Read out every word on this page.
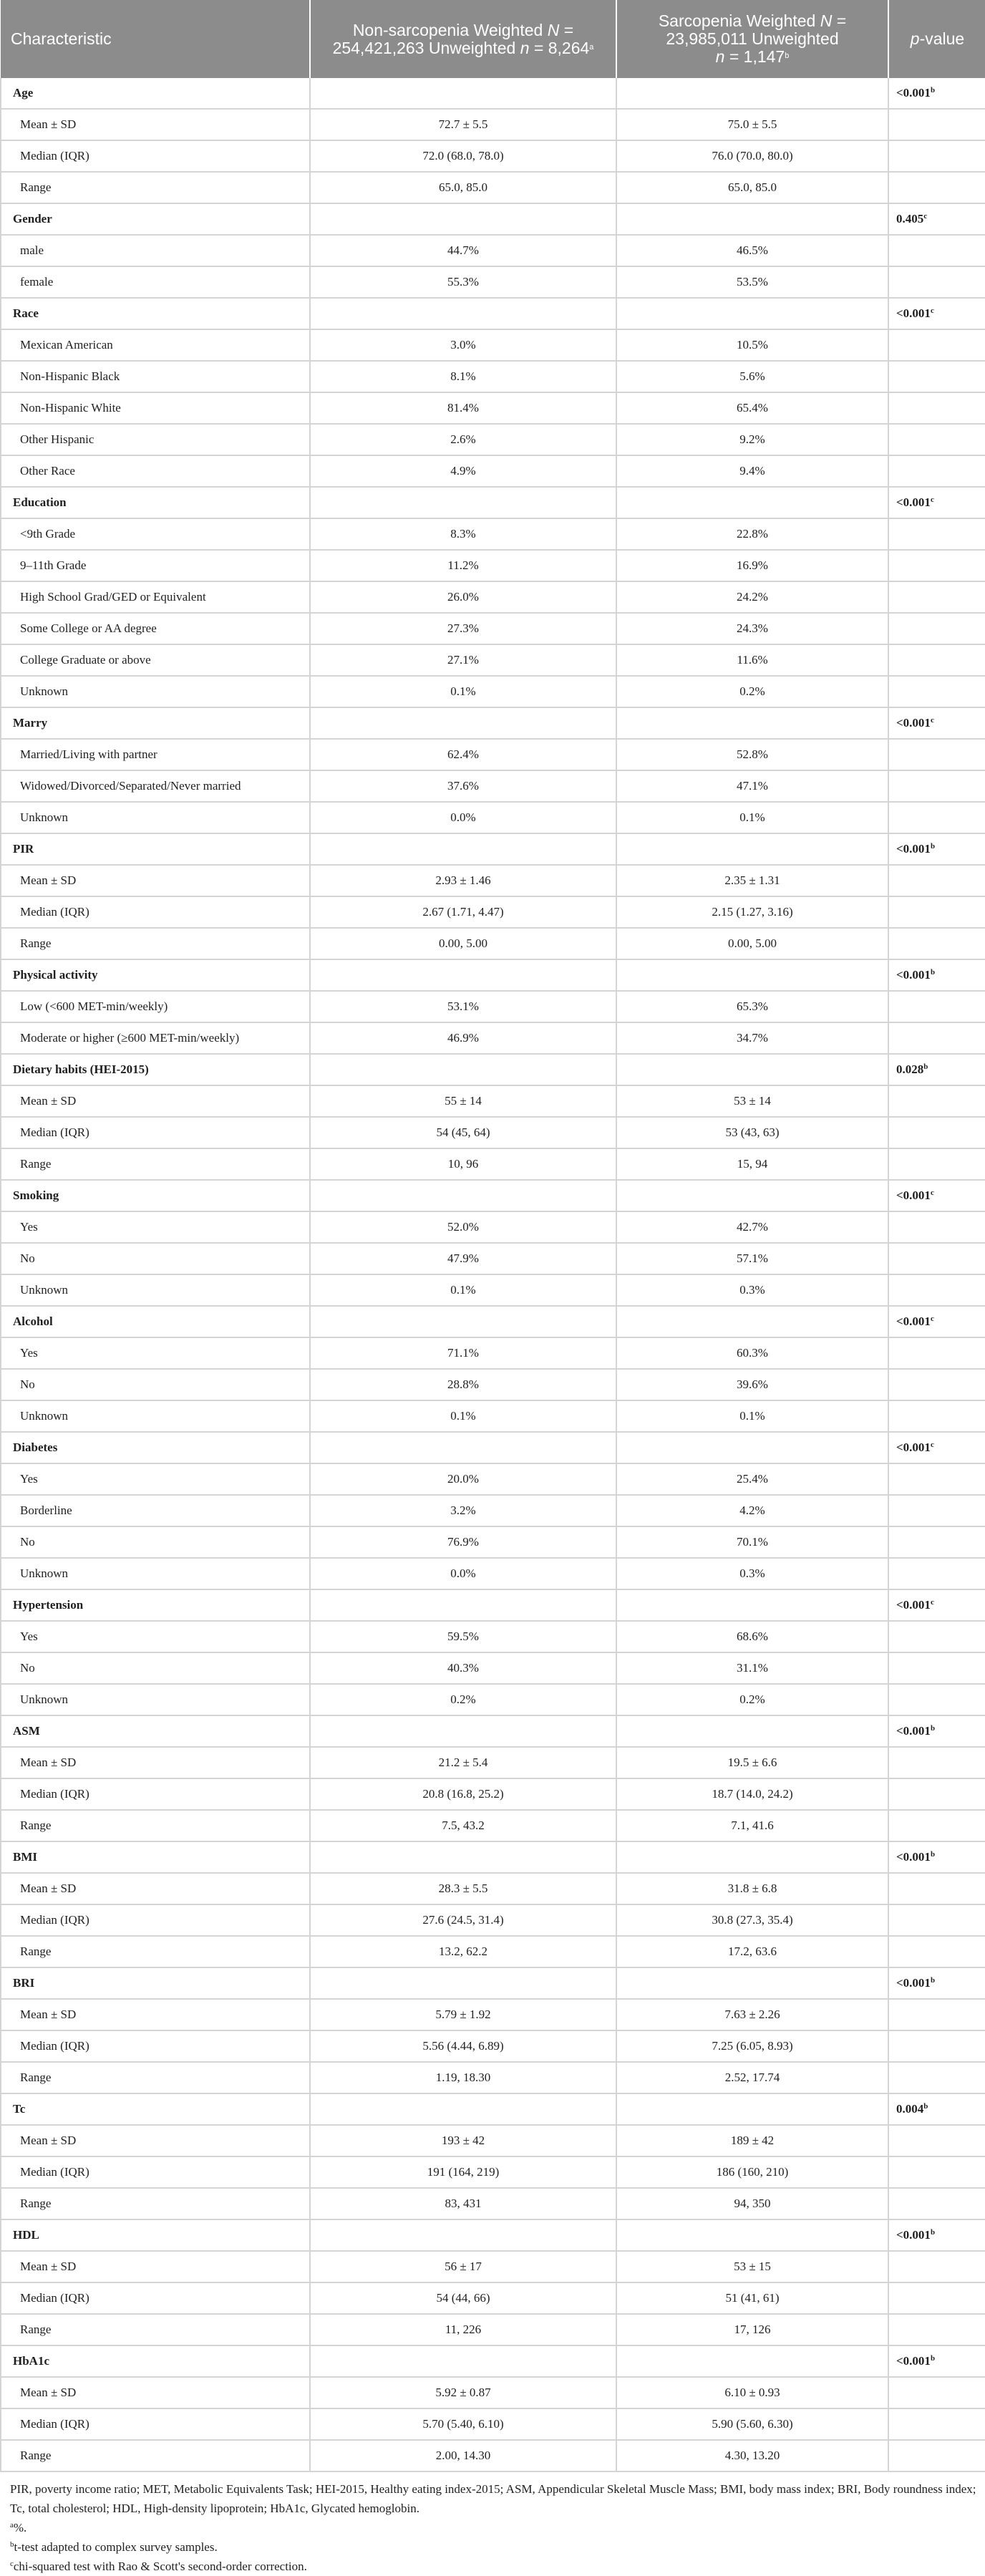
Characteristic	Non-sarcopenia Weighted N = 254,421,263 Unweighted n = 8,264$^a$	Sarcopenia Weighted N = 23,985,011 Unweighted
n = 1,147$^b$	p-value
Age			<0.001$^b$
Mean ± SD	72.7 ± 5.5	75.0 ± 5.5	
Median (IQR)	72.0 (68.0, 78.0)	76.0 (70.0, 80.0)	
Range	65.0, 85.0	65.0, 85.0	
Gender			0.405$^c$
male	44.7%	46.5%	
female	55.3%	53.5%	
Race			<0.001$^c$
Mexican American	3.0%	10.5%	
Non-Hispanic Black	8.1%	5.6%	
Non-Hispanic White	81.4%	65.4%	
Other Hispanic	2.6%	9.2%	
Other Race	4.9%	9.4%	
Education			<0.001$^c$
<9th Grade	8.3%	22.8%	
9–11th Grade	11.2%	16.9%	
High School Grad/GED or Equivalent	26.0%	24.2%	
Some College or AA degree	27.3%	24.3%	
College Graduate or above	27.1%	11.6%	
Unknown	0.1%	0.2%	
Marry			<0.001$^c$
Married/Living with partner	62.4%	52.8%	
Widowed/Divorced/Separated/Never married	37.6%	47.1%	
Unknown	0.0%	0.1%	
PIR			<0.001$^b$
Mean ± SD	2.93 ± 1.46	2.35 ± 1.31	
Median (IQR)	2.67 (1.71, 4.47)	2.15 (1.27, 3.16)	
Range	0.00, 5.00	0.00, 5.00	
Physical activity			<0.001$^b$
Low (<600 MET-min/weekly)	53.1%	65.3%	
Moderate or higher (≥600 MET-min/weekly)	46.9%	34.7%	
Dietary habits (HEI-2015)			0.028$^b$
Mean ± SD	55 ± 14	53 ± 14	
Median (IQR)	54 (45, 64)	53 (43, 63)	
Range	10, 96	15, 94	
Smoking			<0.001$^c$
Yes	52.0%	42.7%	
No	47.9%	57.1%	
Unknown	0.1%	0.3%	
Alcohol			<0.001$^c$
Yes	71.1%	60.3%	
No	28.8%	39.6%	
Unknown	0.1%	0.1%	
Diabetes			<0.001$^c$
Yes	20.0%	25.4%	
Borderline	3.2%	4.2%	
No	76.9%	70.1%	
Unknown	0.0%	0.3%	
Hypertension			<0.001$^c$
Yes	59.5%	68.6%	
No	40.3%	31.1%	
Unknown	0.2%	0.2%	
ASM			<0.001$^b$
Mean ± SD	21.2 ± 5.4	19.5 ± 6.6	
Median (IQR)	20.8 (16.8, 25.2)	18.7 (14.0, 24.2)	
Range	7.5, 43.2	7.1, 41.6	
BMI			<0.001$^b$
Mean ± SD	28.3 ± 5.5	31.8 ± 6.8	
Median (IQR)	27.6 (24.5, 31.4)	30.8 (27.3, 35.4)	
Range	13.2, 62.2	17.2, 63.6	
BRI			<0.001$^b$
Mean ± SD	5.79 ± 1.92	7.63 ± 2.26	
Median (IQR)	5.56 (4.44, 6.89)	7.25 (6.05, 8.93)	
Range	1.19, 18.30	2.52, 17.74	
Tc			0.004$^b$
Mean ± SD	193 ± 42	189 ± 42	
Median (IQR)	191 (164, 219)	186 (160, 210)	
Range	83, 431	94, 350	
HDL			<0.001$^b$
Mean ± SD	56 ± 17	53 ± 15	
Median (IQR)	54 (44, 66)	51 (41, 61)	
Range	11, 226	17, 126	
HbA1c			<0.001$^b$
Mean ± SD	5.92 ± 0.87	6.10 ± 0.93	
Median (IQR)	5.70 (5.40, 6.10)	5.90 (5.60, 6.30)	
Range	2.00, 14.30	4.30, 13.20	

PIR, poverty income ratio; MET, Metabolic Equivalents Task; HEI-2015, Healthy eating index-2015; ASM, Appendicular Skeletal Muscle Mass; BMI, body mass index; BRI, Body roundness index; Tc, total cholesterol; HDL, High-density lipoprotein; HbA1c, Glycated hemoglobin.

$^a$%.

$^b$t-test adapted to complex survey samples.

$^c$chi-squared test with Rao & Scott's second-order correction.
